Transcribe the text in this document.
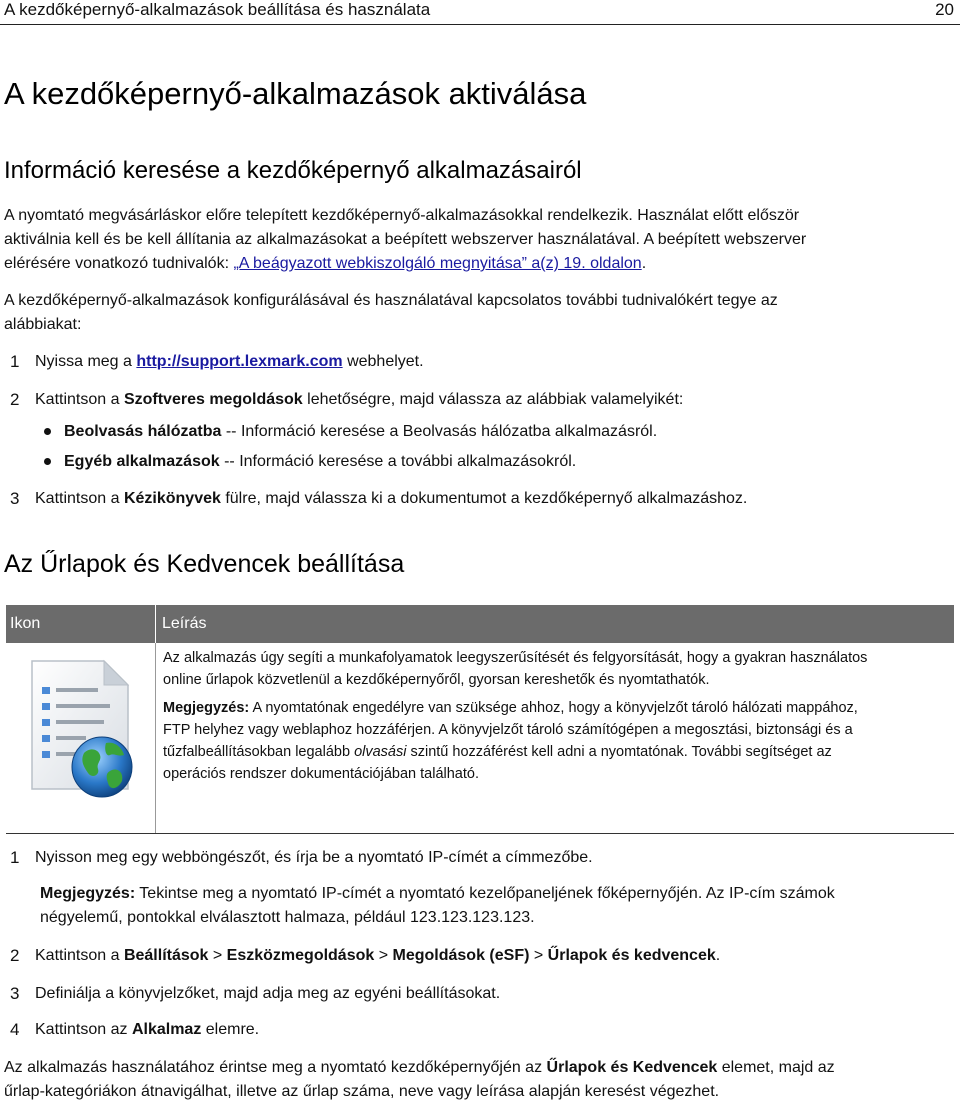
A kezdőképernyő-alkalmazások beállítása és használata	20
A kezdőképernyő-alkalmazások aktiválása
Információ keresése a kezdőképernyő alkalmazásairól
A nyomtató megvásárláskor előre telepített kezdőképernyő-alkalmazásokkal rendelkezik. Használat előtt először
aktiválnia kell és be kell állítania az alkalmazásokat a beépített webszerver használatával. A beépített webszerver
elérésére vonatkozó tudnivalók: „A beágyazott webkiszolgáló megnyitása” a(z) 19. oldalon.
A kezdőképernyő-alkalmazások konfigurálásával és használatával kapcsolatos további tudnivalókért tegye az
alábbiakat:
1 Nyissa meg a http://support.lexmark.com webhelyet.
2 Kattintson a Szoftveres megoldások lehetőségre, majd válassza az alábbiak valamelyikét:
Beolvasás hálózatba -- Információ keresése a Beolvasás hálózatba alkalmazásról.
Egyéb alkalmazások -- Információ keresése a további alkalmazásokról.
3 Kattintson a Kézikönyvek fülre, majd válassza ki a dokumentumot a kezdőképernyő alkalmazáshoz.
Az Űrlapok és Kedvencek beállítása
Ikon	Leírás
Az alkalmazás úgy segíti a munkafolyamatok leegyszerűsítését és felgyorsítását, hogy a gyakran használatos
online űrlapok közvetlenül a kezdőképernyőről, gyorsan kereshetők és nyomtathatók.
Megjegyzés: A nyomtatónak engedélyre van szüksége ahhoz, hogy a könyvjelzőt tároló hálózati mappához,
FTP helyhez vagy weblaphoz hozzáférjen. A könyvjelzőt tároló számítógépen a megosztási, biztonsági és a
tűzfalbeállításokban legalább olvasási szintű hozzáférést kell adni a nyomtatónak. További segítséget az
operációs rendszer dokumentációjában található.
1 Nyisson meg egy webböngészőt, és írja be a nyomtató IP-címét a címmezőbe.
Megjegyzés: Tekintse meg a nyomtató IP-címét a nyomtató kezelőpaneljének főképernyőjén. Az IP-cím számok
négyelemű, pontokkal elválasztott halmaza, például 123.123.123.123.
2 Kattintson a Beállítások > Eszközmegoldások > Megoldások (eSF) > Űrlapok és kedvencek.
3 Definiálja a könyvjelzőket, majd adja meg az egyéni beállításokat.
4 Kattintson az Alkalmaz elemre.
Az alkalmazás használatához érintse meg a nyomtató kezdőképernyőjén az Űrlapok és Kedvencek elemet, majd az
űrlap-kategóriákon átnavigálhat, illetve az űrlap száma, neve vagy leírása alapján keresést végezhet.
